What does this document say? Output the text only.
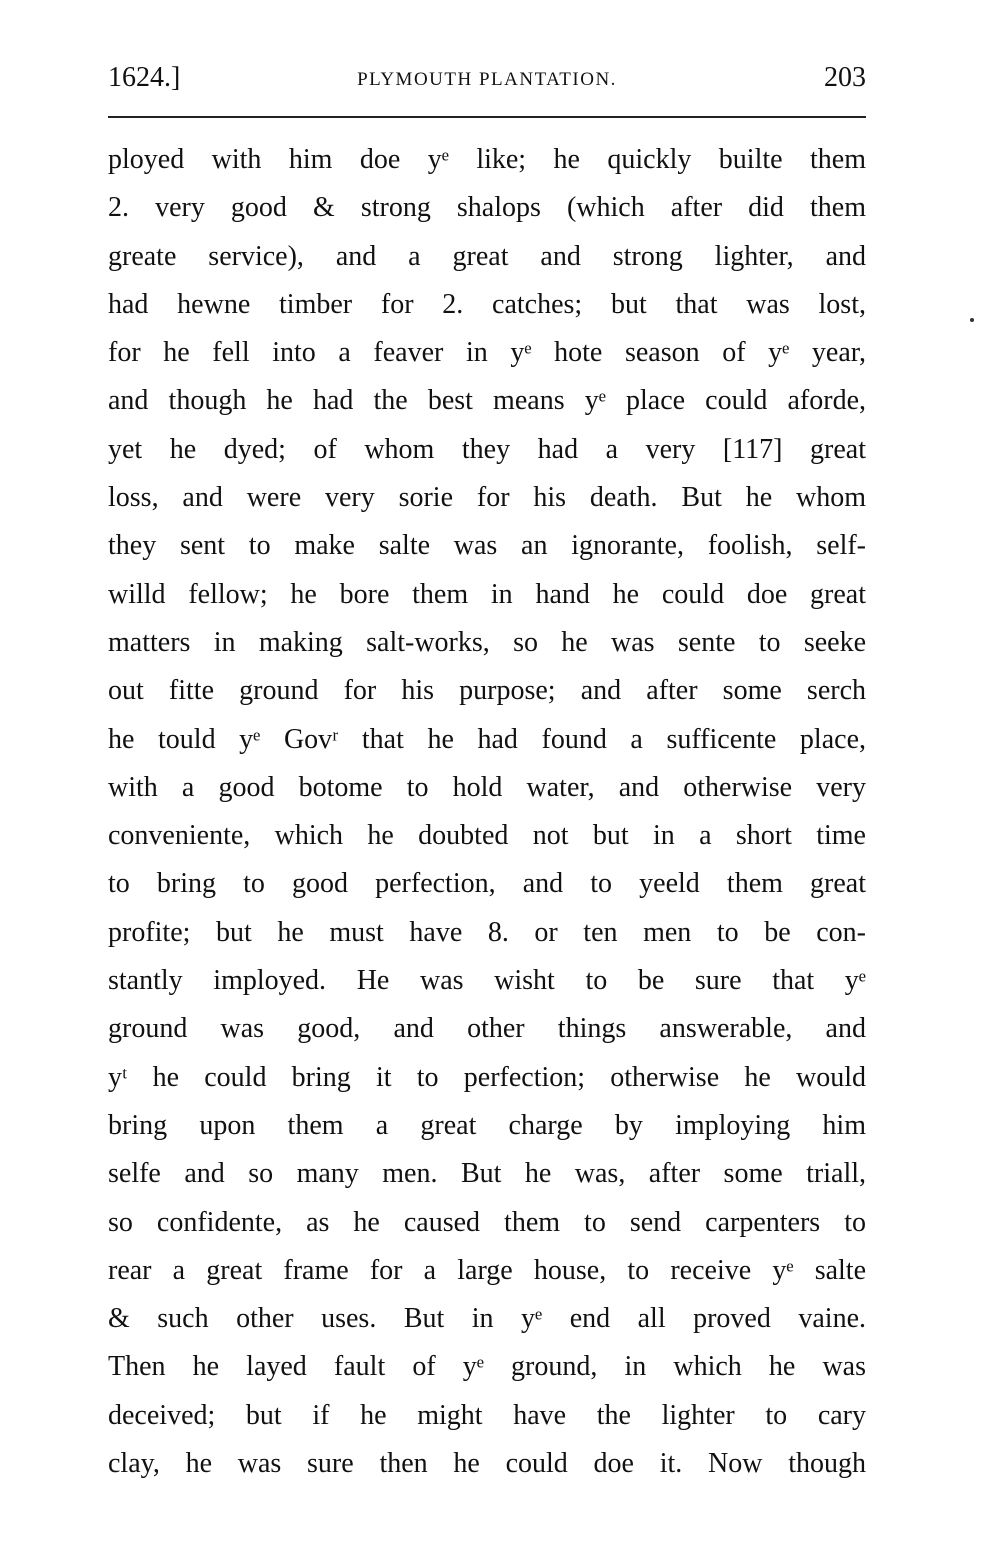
1624.]	PLYMOUTH PLANTATION.	203
ployed with him doe yᵉ like; he quickly builte them
2. very good & strong shalops (which after did them
greate service), and a great and strong lighter, and
had hewne timber for 2. catches; but that was lost,
for he fell into a feaver in yᵉ hote season of yᵉ year,
and though he had the best means yᵉ place could aforde,
yet he dyed; of whom they had a very [117] great
loss, and were very sorie for his death. But he whom
they sent to make salte was an ignorante, foolish, self-
willd fellow; he bore them in hand he could doe great
matters in making salt-works, so he was sente to seeke
out fitte ground for his purpose; and after some serch
he tould yᵉ Govʳ that he had found a sufficente place,
with a good botome to hold water, and otherwise very
conveniente, which he doubted not but in a short time
to bring to good perfection, and to yeeld them great
profite; but he must have 8. or ten men to be con-
stantly imployed. He was wisht to be sure that yᵉ
ground was good, and other things answerable, and
yᵗ he could bring it to perfection; otherwise he would
bring upon them a great charge by imploying him
selfe and so many men. But he was, after some triall,
so confidente, as he caused them to send carpenters to
rear a great frame for a large house, to receive yᵉ salte
& such other uses. But in yᵉ end all proved vaine.
Then he layed fault of yᵉ ground, in which he was
deceived; but if he might have the lighter to cary
clay, he was sure then he could doe it. Now though
